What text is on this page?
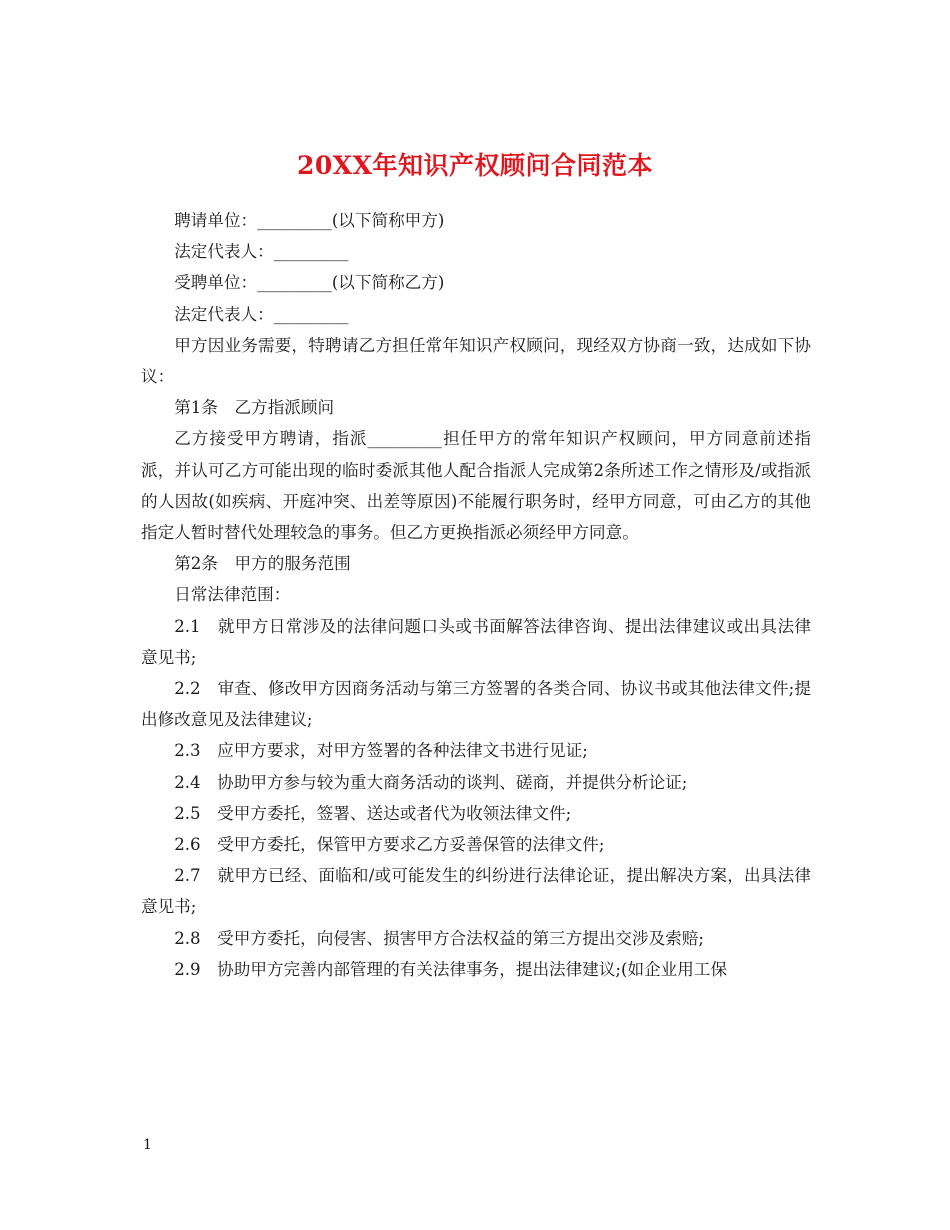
20XX年知识产权顾问合同范本

聘请单位：_________(以下简称甲方)

法定代表人：_________

受聘单位：_________(以下简称乙方)

法定代表人：_________

甲方因业务需要，特聘请乙方担任常年知识产权顾问，现经双方协商一致，达成如下协议：

第1条　乙方指派顾问

乙方接受甲方聘请，指派_________担任甲方的常年知识产权顾问，甲方同意前述指派，并认可乙方可能出现的临时委派其他人配合指派人完成第2条所述工作之情形及/或指派的人因故(如疾病、开庭冲突、出差等原因)不能履行职务时，经甲方同意，可由乙方的其他指定人暂时替代处理较急的事务。但乙方更换指派必须经甲方同意。

第2条　甲方的服务范围

日常法律范围：

2.1　就甲方日常涉及的法律问题口头或书面解答法律咨询、提出法律建议或出具法律意见书;

2.2　审查、修改甲方因商务活动与第三方签署的各类合同、协议书或其他法律文件;提出修改意见及法律建议;

2.3　应甲方要求，对甲方签署的各种法律文书进行见证;

2.4　协助甲方参与较为重大商务活动的谈判、磋商，并提供分析论证;

2.5　受甲方委托，签署、送达或者代为收领法律文件;

2.6　受甲方委托，保管甲方要求乙方妥善保管的法律文件;

2.7　就甲方已经、面临和/或可能发生的纠纷进行法律论证，提出解决方案，出具法律意见书;

2.8　受甲方委托，向侵害、损害甲方合法权益的第三方提出交涉及索赔;

2.9　协助甲方完善内部管理的有关法律事务，提出法律建议;(如企业用工保

1
